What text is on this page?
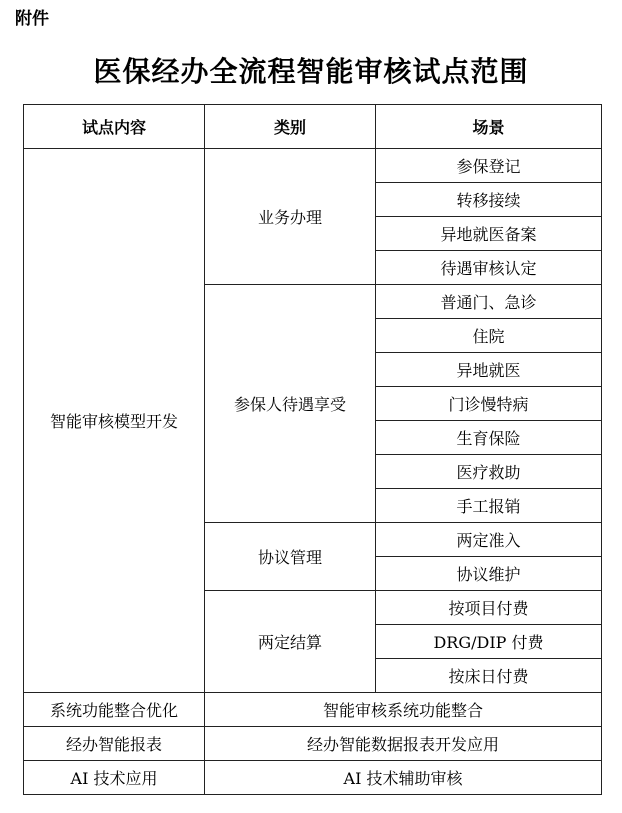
附件
医保经办全流程智能审核试点范围
试点内容	类别	场景
智能审核模型开发	业务办理	参保登记
		转移接续
		异地就医备案
		待遇审核认定
	参保人待遇享受	普通门、急诊
		住院
		异地就医
		门诊慢特病
		生育保险
		医疗救助
		手工报销
	协议管理	两定准入
		协议维护
	两定结算	按项目付费
		DRG/DIP 付费
		按床日付费
系统功能整合优化	智能审核系统功能整合	
经办智能报表	经办智能数据报表开发应用	
AI 技术应用	AI 技术辅助审核	
